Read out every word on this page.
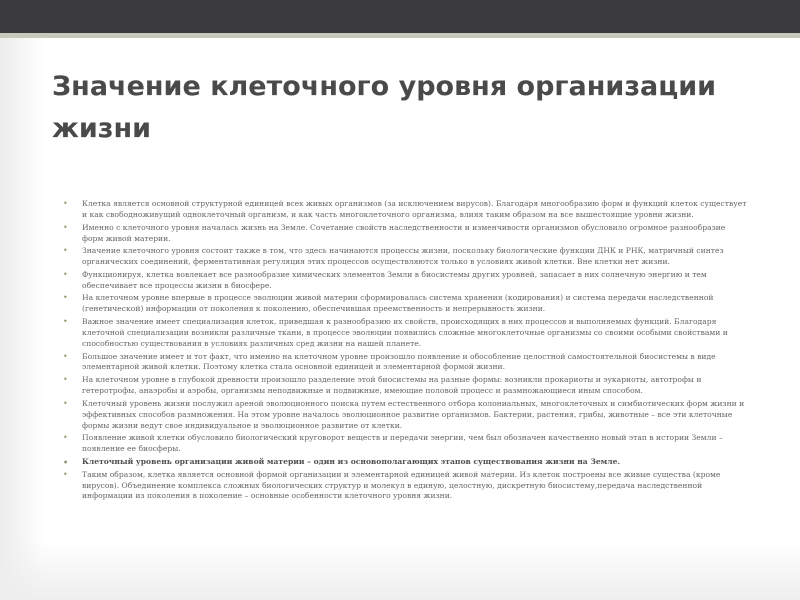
Значение клеточного уровня организации жизни
• Клетка является основной структурной единицей всех живых организмов (за исключением вирусов). Благодаря многообразию форм и функций клеток существует и как свободноживущий одноклеточный организм, и как часть многоклеточного организма, влияя таким образом на все вышестоящие уровни жизни.
• Именно с клеточного уровня началась жизнь на Земле. Сочетание свойств наследственности и изменчивости организмов обусловило огромное разнообразие форм живой материи.
• Значение клеточного уровня состоит также в том, что здесь начинаются процессы жизни, поскольку биологические функции ДНК и РНК, матричный синтез органических соединений, ферментативная регуляция этих процессов осуществляются только в условиях живой клетки. Вне клетки нет жизни.
• Функционируя, клетка вовлекает все разнообразие химических элементов Земли в биосистемы других уровней, запасает в них солнечную энергию и тем обеспечивает все процессы жизни в биосфере.
• На клеточном уровне впервые в процессе эволюции живой материи сформировалась система хранения (кодирования) и система передачи наследственной (генетической) информации от поколения к поколению, обеспечившая преемственность и непрерывность жизни.
• Важное значение имеет специализация клеток, приведшая к разнообразию их свойств, происходящих в них процессов и выполняемых функций. Благодаря клеточной специализации возникли различные ткани, в процессе эволюции появились сложные многоклеточные организмы со своими особыми свойствами и способностью существования в условиях различных сред жизни на нашей планете.
• Большое значение имеет и тот факт, что именно на клеточном уровне произошло появление и обособление целостной самостоятельной биосистемы в виде элементарной живой клетки. Поэтому клетка стала основной единицей и элементарной формой жизни.
• На клеточном уровне в глубокой древности произошло разделение этой биосистемы на разные формы: возникли прокариоты и эукариоты, автотрофы и гетеротрофы, анаэробы и аэробы, организмы неподвижные и подвижные, имеющие половой процесс и размножающиеся иным способом.
• Клеточный уровень жизни послужил ареной эволюционного поиска путем естественного отбора колониальных, многоклеточных и симбиотических форм жизни и эффективных способов размножения. На этом уровне началось эволюционное развитие организмов. Бактерии, растения, грибы, животные – все эти клеточные формы жизни ведут свое индивидуальное и эволюционное развитие от клетки.
• Появление живой клетки обусловило биологический круговорот веществ и передачи энергии, чем был обозначен качественно новый этап в истории Земли – появление ее биосферы.
• Клеточный уровень организации живой материи – один из основополагающих этапов существования жизни на Земле.
• Таким образом, клетка является основной формой организации и элементарной единицей живой материи. Из клеток построены все живые существа (кроме вирусов). Объединение комплекса сложных биологических структур и молекул в единую, целостную, дискретную биосистему,передача наследственной информации из поколения в поколение – основные особенности клеточного уровня жизни.
